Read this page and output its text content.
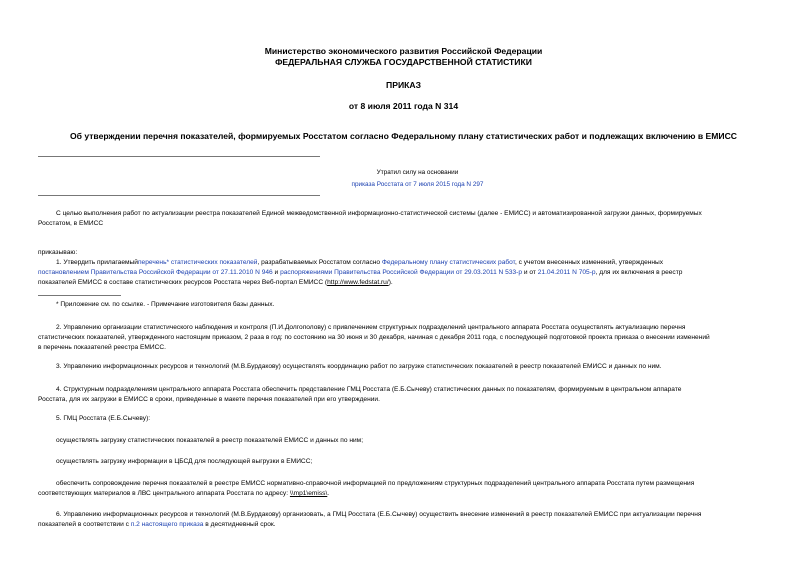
Министерство экономического развития Российской Федерации
ФЕДЕРАЛЬНАЯ СЛУЖБА ГОСУДАРСТВЕННОЙ СТАТИСТИКИ
ПРИКАЗ
от 8 июля 2011 года N 314
Об утверждении перечня показателей, формируемых Росстатом согласно Федеральному плану статистических работ и подлежащих включению в ЕМИСС
Утратил силу на основании
приказа Росстата от 7 июля 2015 года N 297
С целью выполнения работ по актуализации реестра показателей Единой межведомственной информационно-статистической системы (далее - ЕМИСС) и автоматизированной загрузки данных, формируемых
Росстатом, в ЕМИСС
приказываю:
1. Утвердить прилагаемыйперечень* статистических показателей, разрабатываемых Росстатом согласно Федеральному плану статистических работ, с учетом внесенных изменений, утвержденных
постановлением Правительства Российской Федерации от 27.11.2010 N 946 и распоряжениями Правительства Российской Федерации от 29.03.2011 N 533-р и от 21.04.2011 N 705-р, для их включения в реестр
показателей ЕМИСС в составе статистических ресурсов Росстата через Веб-портал ЕМИСС (http://www.fedstat.ru/).
* Приложение см. по ссылке. - Примечание изготовителя базы данных.
2. Управлению организации статистического наблюдения и контроля (П.И.Долгополову) с привлечением структурных подразделений центрального аппарата Росстата осуществлять актуализацию перечня
статистических показателей, утвержденного настоящим приказом, 2 раза в год: по состоянию на 30 июня и 30 декабря, начиная с декабря 2011 года, с последующей подготовкой проекта приказа о внесении изменений
в перечень показателей реестра ЕМИСС.
3. Управлению информационных ресурсов и технологий (М.В.Бурдакову) осуществлять координацию работ по загрузке статистических показателей в реестр показателей ЕМИСС и данных по ним.
4. Структурным подразделениям центрального аппарата Росстата обеспечить представление ГМЦ Росстата (Е.Б.Сычеву) статистических данных по показателям, формируемым в центральном аппарате
Росстата, для их загрузки в ЕМИСС в сроки, приведенные в макете перечня показателей при его утверждении.
5. ГМЦ Росстата (Е.Б.Сычеву):
осуществлять загрузку статистических показателей в реестр показателей ЕМИСС и данных по ним;
осуществлять загрузку информации в ЦБСД для последующей выгрузки в ЕМИСС;
обеспечить сопровождение перечня показателей в реестре ЕМИСС нормативно-справочной информацией по предложениям структурных подразделений центрального аппарата Росстата путем размещения
соответствующих материалов в ЛВС центрального аппарата Росстата по адресу: \\mp1\emiss\.
6. Управлению информационных ресурсов и технологий (М.В.Бурдакову) организовать, а ГМЦ Росстата (Е.Б.Сычеву) осуществить внесение изменений в реестр показателей ЕМИСС при актуализации перечня
показателей в соответствии с п.2 настоящего приказа в десятидневный срок.
